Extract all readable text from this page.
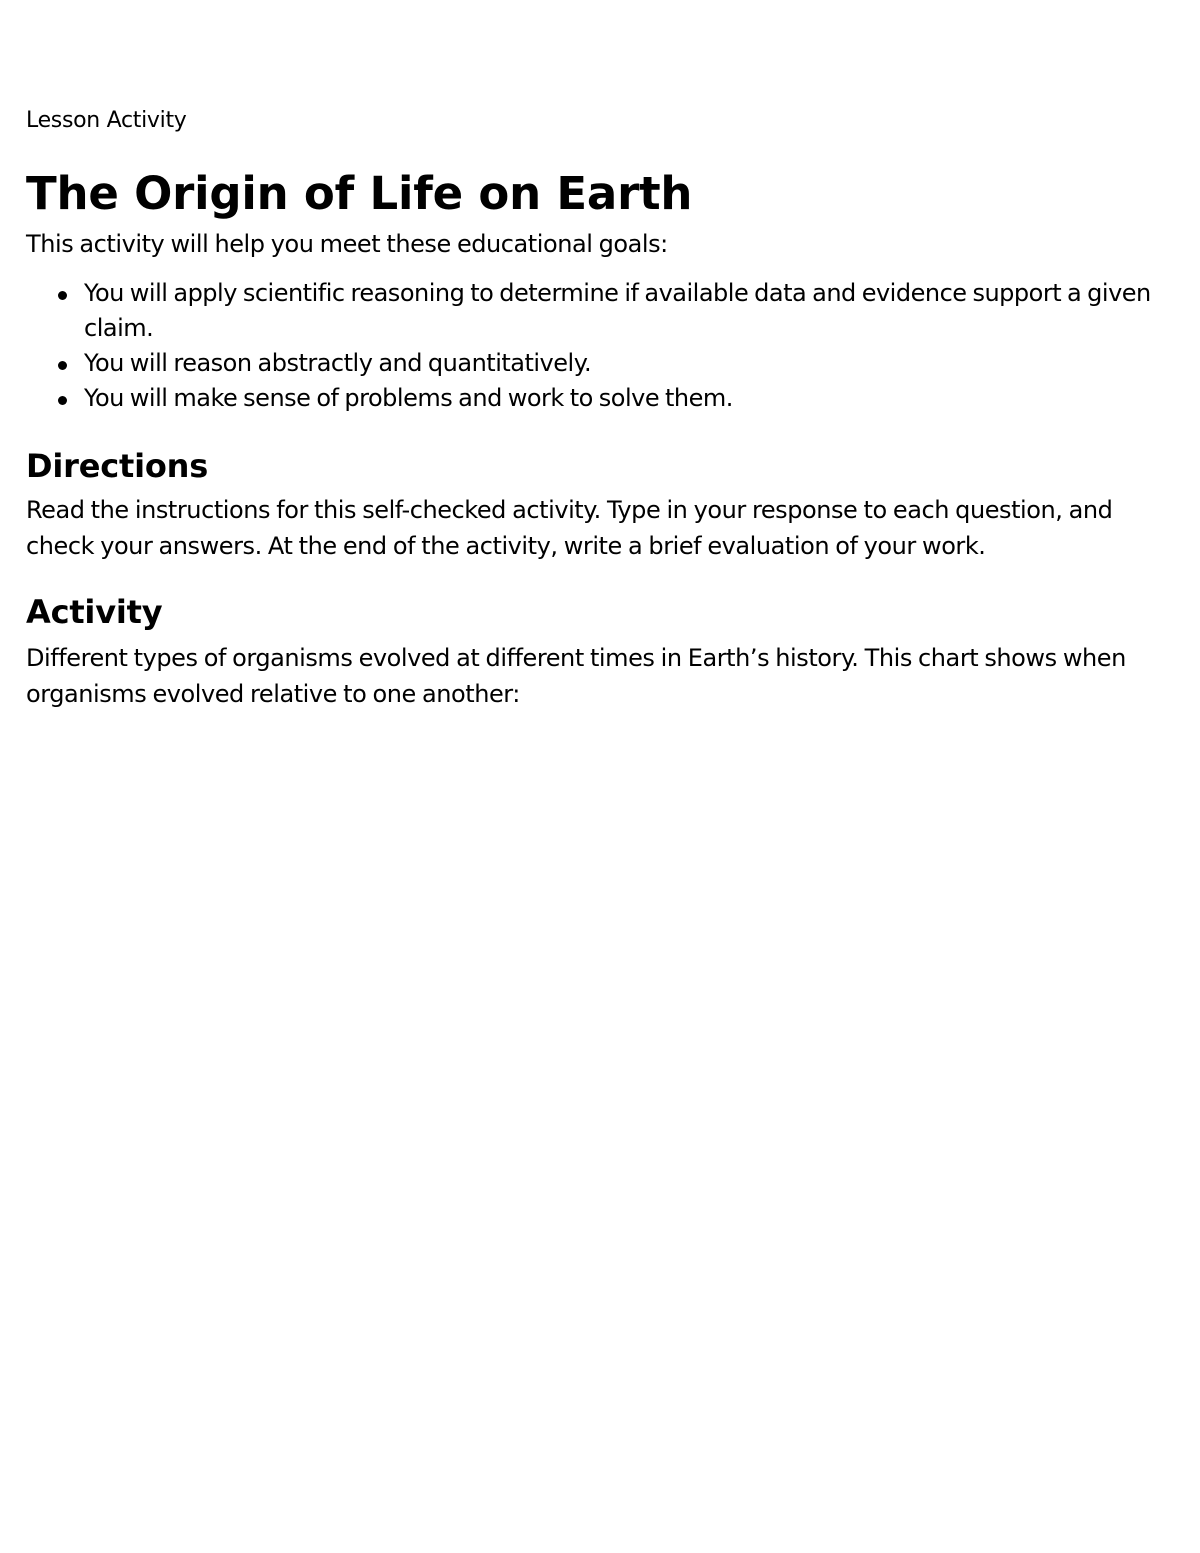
Lesson Activity
The Origin of Life on Earth

This activity will help you meet these educational goals:

You will apply scientific reasoning to determine if available data and evidence support a given claim.
You will reason abstractly and quantitatively.
You will make sense of problems and work to solve them.
Directions

Read the instructions for this self-checked activity. Type in your response to each question, and check your answers. At the end of the activity, write a brief evaluation of your work.

Activity

Different types of organisms evolved at different times in Earth’s history. This chart shows when organisms evolved relative to one another:
